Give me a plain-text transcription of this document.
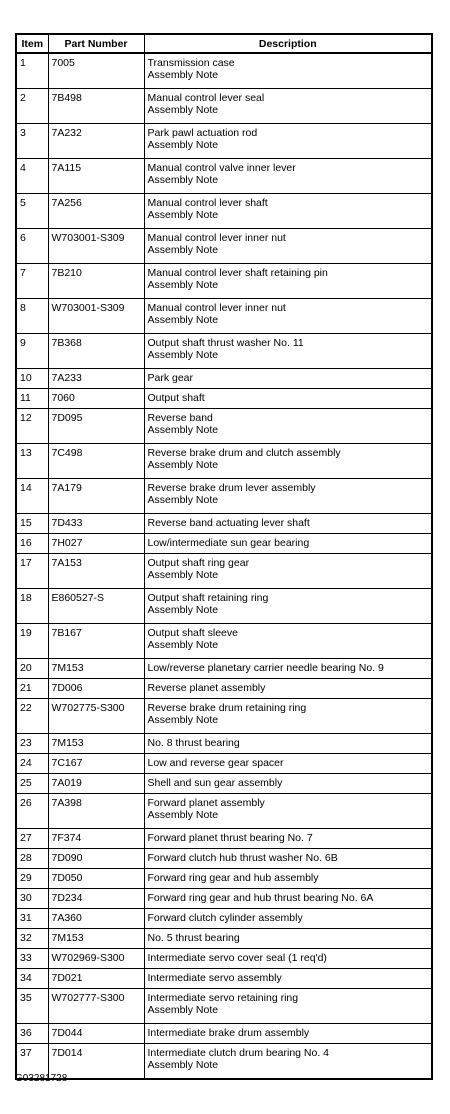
Item	Part Number	Description
1	7005	Transmission case
Assembly Note

2	7B498	Manual control lever seal
Assembly Note

3	7A232	Park pawl actuation rod
Assembly Note

4	7A115	Manual control valve inner lever
Assembly Note

5	7A256	Manual control lever shaft
Assembly Note

6	W703001-S309	Manual control lever inner nut
Assembly Note

7	7B210	Manual control lever shaft retaining pin
Assembly Note

8	W703001-S309	Manual control lever inner nut
Assembly Note

9	7B368	Output shaft thrust washer No. 11
Assembly Note

10	7A233	Park gear

11	7060	Output shaft

12	7D095	Reverse band
Assembly Note

13	7C498	Reverse brake drum and clutch assembly
Assembly Note

14	7A179	Reverse brake drum lever assembly
Assembly Note

15	7D433	Reverse band actuating lever shaft

16	7H027	Low/intermediate sun gear bearing

17	7A153	Output shaft ring gear
Assembly Note

18	E860527-S	Output shaft retaining ring
Assembly Note

19	7B167	Output shaft sleeve
Assembly Note

20	7M153	Low/reverse planetary carrier needle bearing No. 9

21	7D006	Reverse planet assembly

22	W702775-S300	Reverse brake drum retaining ring
Assembly Note

23	7M153	No. 8 thrust bearing

24	7C167	Low and reverse gear spacer

25	7A019	Shell and sun gear assembly

26	7A398	Forward planet assembly
Assembly Note

27	7F374	Forward planet thrust bearing No. 7

28	7D090	Forward clutch hub thrust washer No. 6B

29	7D050	Forward ring gear and hub assembly

30	7D234	Forward ring gear and hub thrust bearing No. 6A

31	7A360	Forward clutch cylinder assembly

32	7M153	No. 5 thrust bearing

33	W702969-S300	Intermediate servo cover seal (1 req'd)

34	7D021	Intermediate servo assembly

35	W702777-S300	Intermediate servo retaining ring
Assembly Note

36	7D044	Intermediate brake drum assembly

37	7D014	Intermediate clutch drum bearing No. 4
Assembly Note
G03281728
